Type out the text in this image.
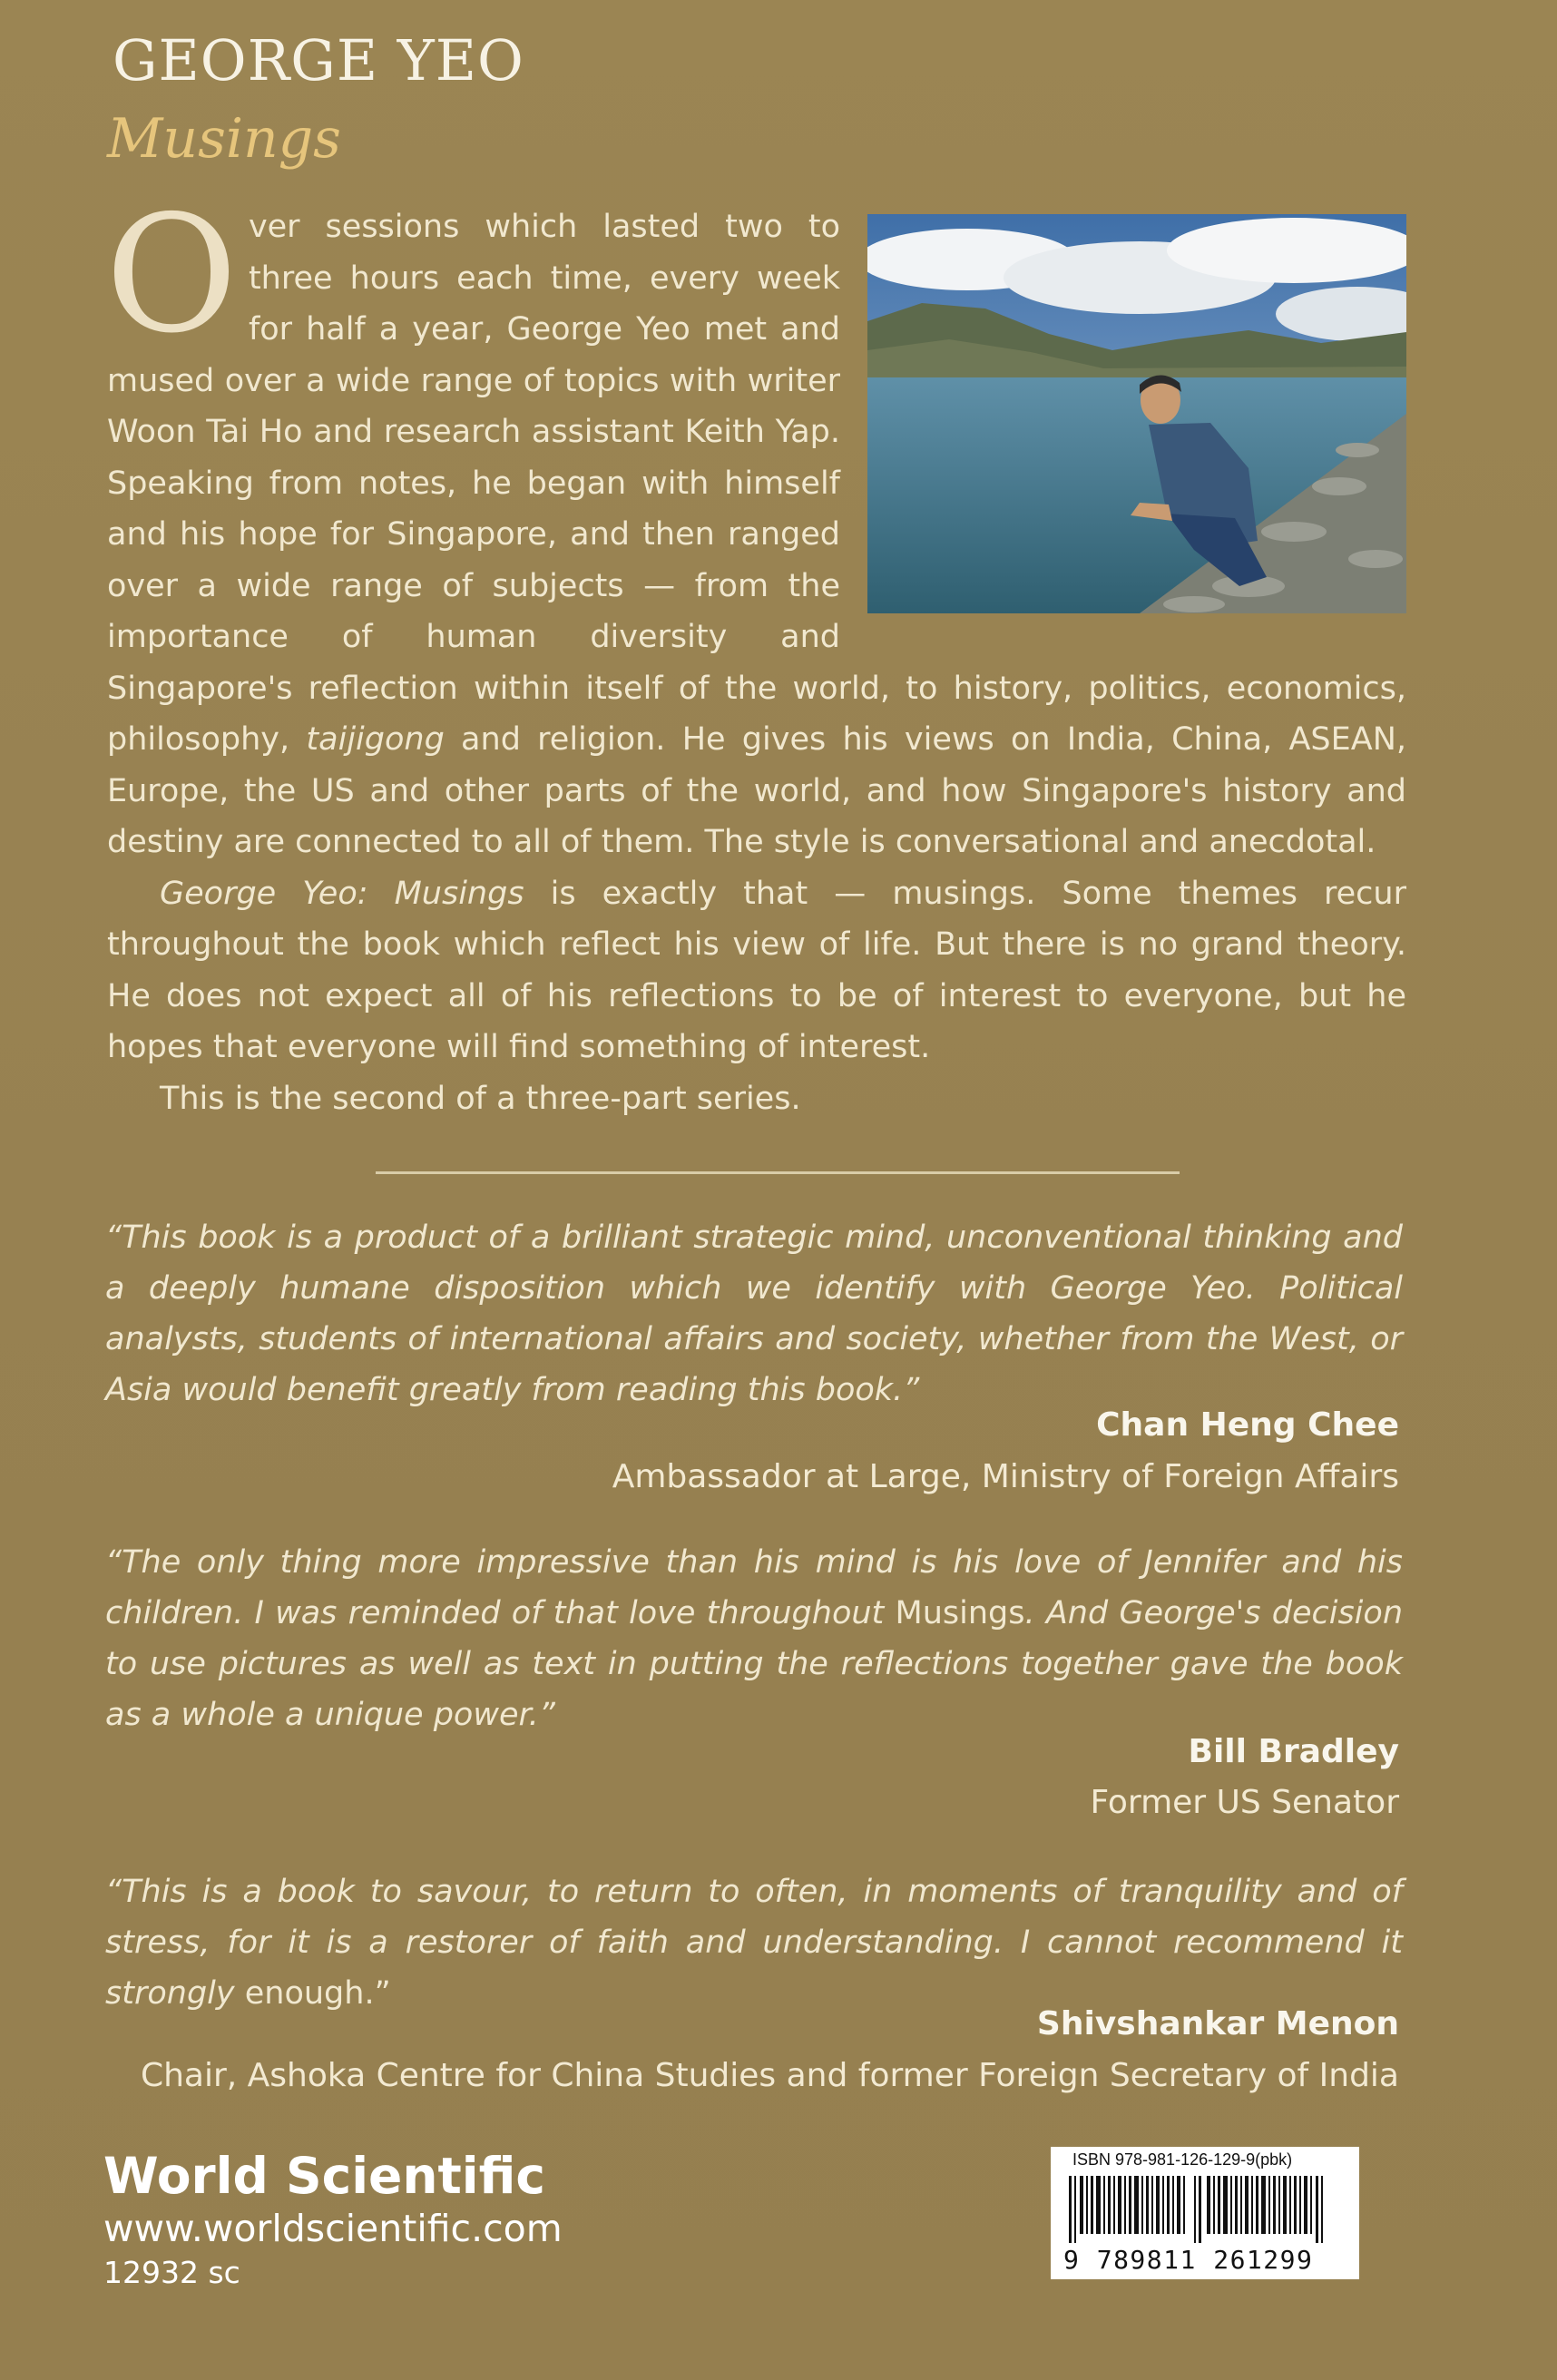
GEORGE YEO
Musings

Over sessions which lasted two to three hours each time, every week for half a year, George Yeo met and mused over a wide range of topics with writer Woon Tai Ho and research assistant Keith Yap. Speaking from notes, he began with himself and his hope for Singapore, and then ranged over a wide range of subjects — from the importance of human diversity and Singapore's reflection within itself of the world, to history, politics, economics, philosophy, taijigong and religion. He gives his views on India, China, ASEAN, Europe, the US and other parts of the world, and how Singapore's history and destiny are connected to all of them. The style is conversational and anecdotal.

George Yeo: Musings is exactly that — musings. Some themes recur throughout the book which reflect his view of life. But there is no grand theory. He does not expect all of his reflections to be of interest to everyone, but he hopes that everyone will find something of interest.

This is the second of a three-part series.

“This book is a product of a brilliant strategic mind, unconventional thinking and a deeply humane disposition which we identify with George Yeo. Political analysts, students of international affairs and society, whether from the West, or Asia would benefit greatly from reading this book.”

Chan Heng Chee
Ambassador at Large, Ministry of Foreign Affairs

“The only thing more impressive than his mind is his love of Jennifer and his children. I was reminded of that love throughout Musings. And George's decision to use pictures as well as text in putting the reflections together gave the book as a whole a unique power.”

Bill Bradley
Former US Senator

“This is a book to savour, to return to often, in moments of tranquility and of stress, for it is a restorer of faith and understanding. I cannot recommend it strongly enough.”

Shivshankar Menon
Chair, Ashoka Centre for China Studies and former Foreign Secretary of India
World Scientific
www.worldscientific.com
12932 sc
ISBN 978-981-126-129-9(pbk)
9 789811 261299
